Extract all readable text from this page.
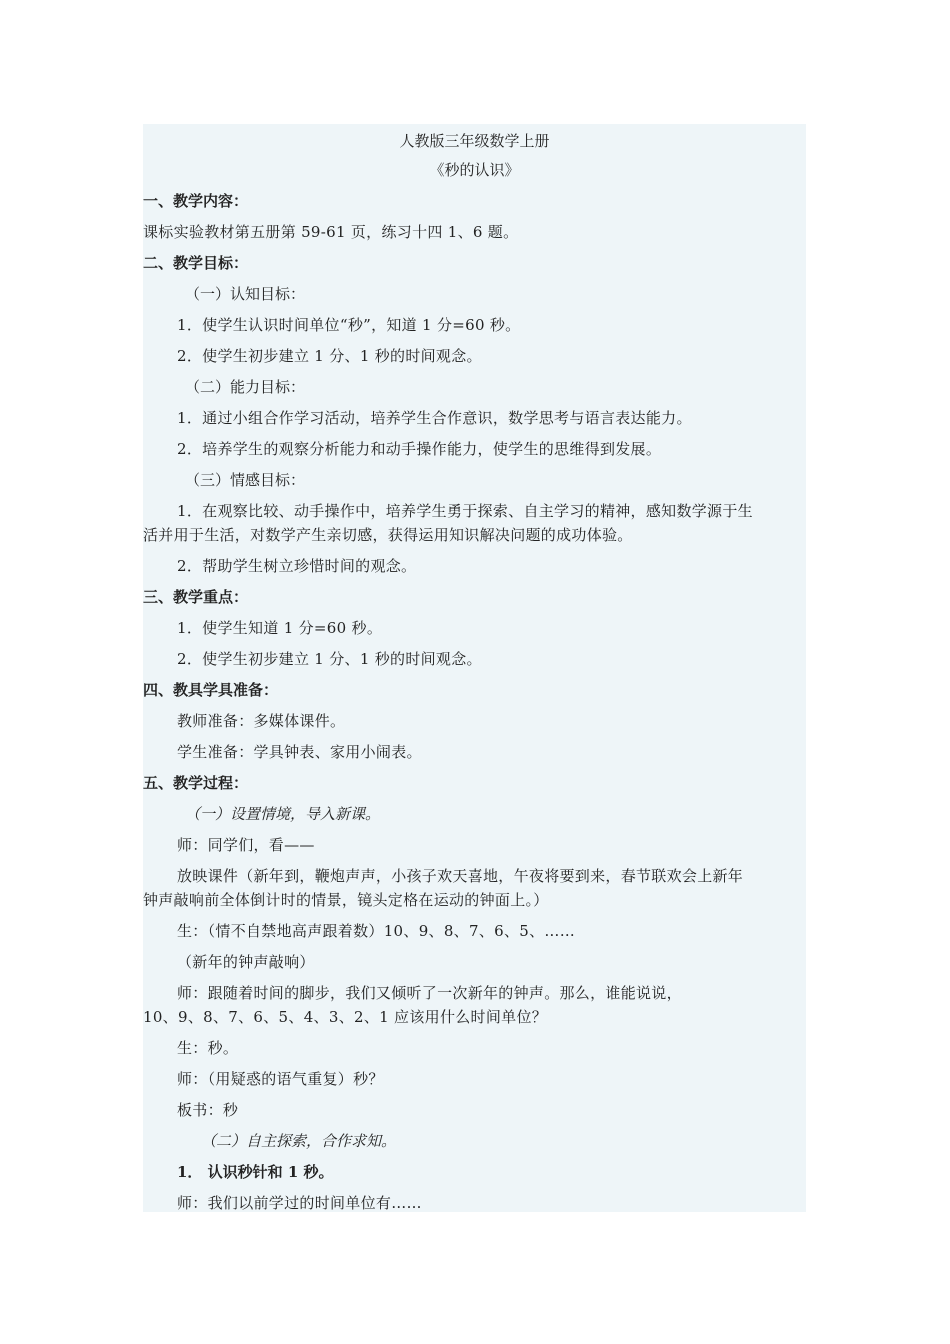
人教版三年级数学上册
《秒的认识》
一、教学内容：
课标实验教材第五册第 59-61 页，练习十四 1、6 题。
二、教学目标：
（一）认知目标：
1．使学生认识时间单位“秒”，知道 1 分=60 秒。
2．使学生初步建立 1 分、1 秒的时间观念。
（二）能力目标：
1．通过小组合作学习活动，培养学生合作意识，数学思考与语言表达能力。
2．培养学生的观察分析能力和动手操作能力，使学生的思维得到发展。
（三）情感目标：
1．在观察比较、动手操作中，培养学生勇于探索、自主学习的精神，感知数学源于生
活并用于生活，对数学产生亲切感，获得运用知识解决问题的成功体验。
2．帮助学生树立珍惜时间的观念。
三、教学重点：
1．使学生知道 1 分=60 秒。
2．使学生初步建立 1 分、1 秒的时间观念。
四、教具学具准备：
教师准备：多媒体课件。
学生准备：学具钟表、家用小闹表。
五、教学过程：
（一）设置情境，导入新课。
师：同学们，看——
放映课件（新年到，鞭炮声声，小孩子欢天喜地，午夜将要到来，春节联欢会上新年
钟声敲响前全体倒计时的情景，镜头定格在运动的钟面上。）
生：（情不自禁地高声跟着数）10、9、8、7、6、5、……
（新年的钟声敲响）
师：跟随着时间的脚步，我们又倾听了一次新年的钟声。那么，谁能说说，
10、9、8、7、6、5、4、3、2、1 应该用什么时间单位？
生：秒。
师：（用疑惑的语气重复）秒？
板书：秒
（二）自主探索，合作求知。
1． 认识秒针和 1 秒。
师：我们以前学过的时间单位有……
